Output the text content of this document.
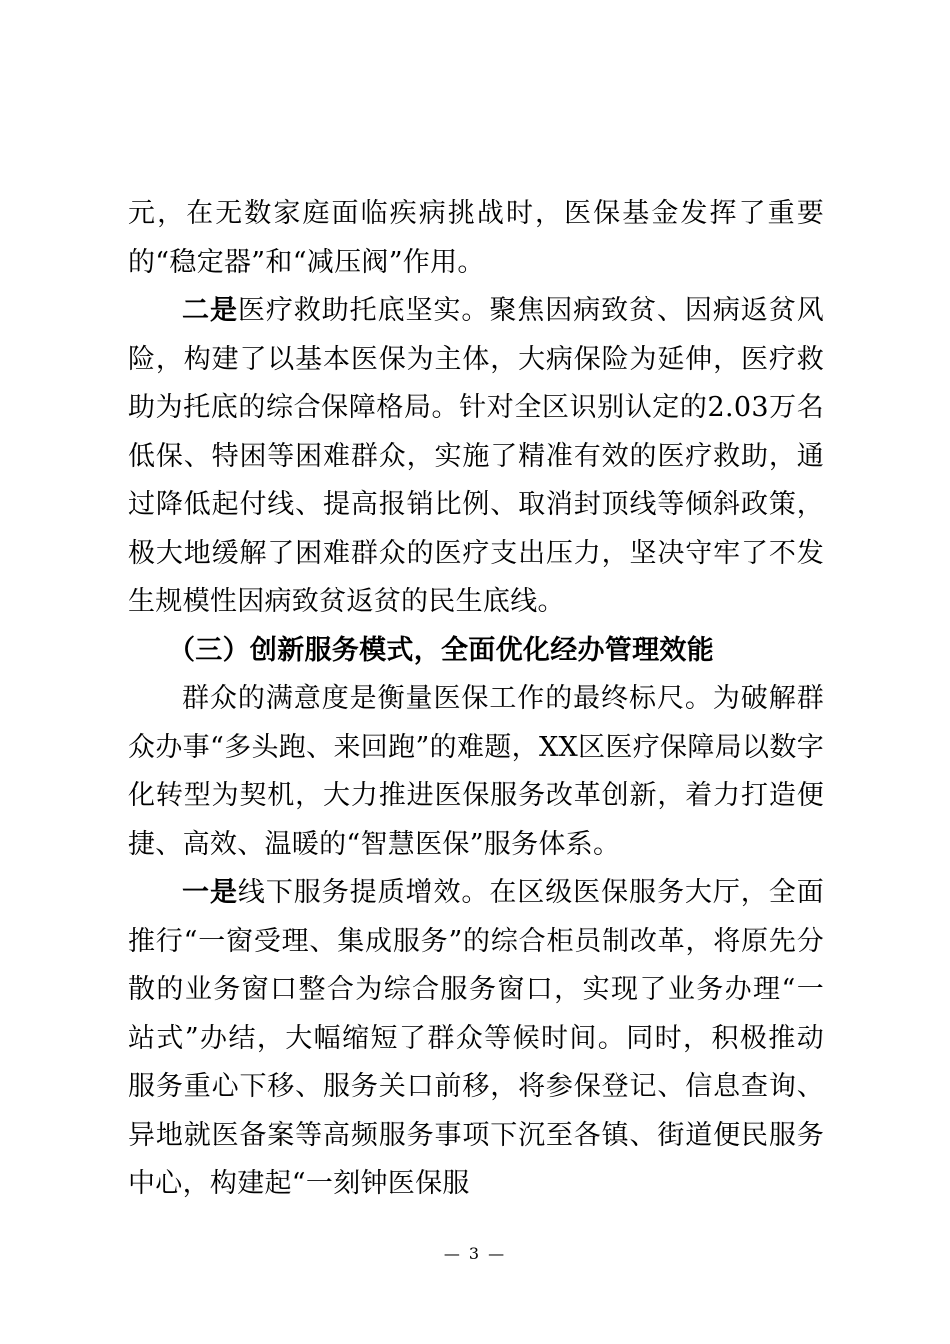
元，在无数家庭面临疾病挑战时，医保基金发挥了重要的“稳定器”和“减压阀”作用。

二是医疗救助托底坚实。聚焦因病致贫、因病返贫风险，构建了以基本医保为主体，大病保险为延伸，医疗救助为托底的综合保障格局。针对全区识别认定的2.03万名低保、特困等困难群众，实施了精准有效的医疗救助，通过降低起付线、提高报销比例、取消封顶线等倾斜政策，极大地缓解了困难群众的医疗支出压力，坚决守牢了不发生规模性因病致贫返贫的民生底线。

（三）创新服务模式，全面优化经办管理效能

群众的满意度是衡量医保工作的最终标尺。为破解群众办事“多头跑、来回跑”的难题，XX区医疗保障局以数字化转型为契机，大力推进医保服务改革创新，着力打造便捷、高效、温暖的“智慧医保”服务体系。

一是线下服务提质增效。在区级医保服务大厅，全面推行“一窗受理、集成服务”的综合柜员制改革，将原先分散的业务窗口整合为综合服务窗口，实现了业务办理“一站式”办结，大幅缩短了群众等候时间。同时，积极推动服务重心下移、服务关口前移，将参保登记、信息查询、异地就医备案等高频服务事项下沉至各镇、街道便民服务中心，构建起“一刻钟医保服

— 3 —
